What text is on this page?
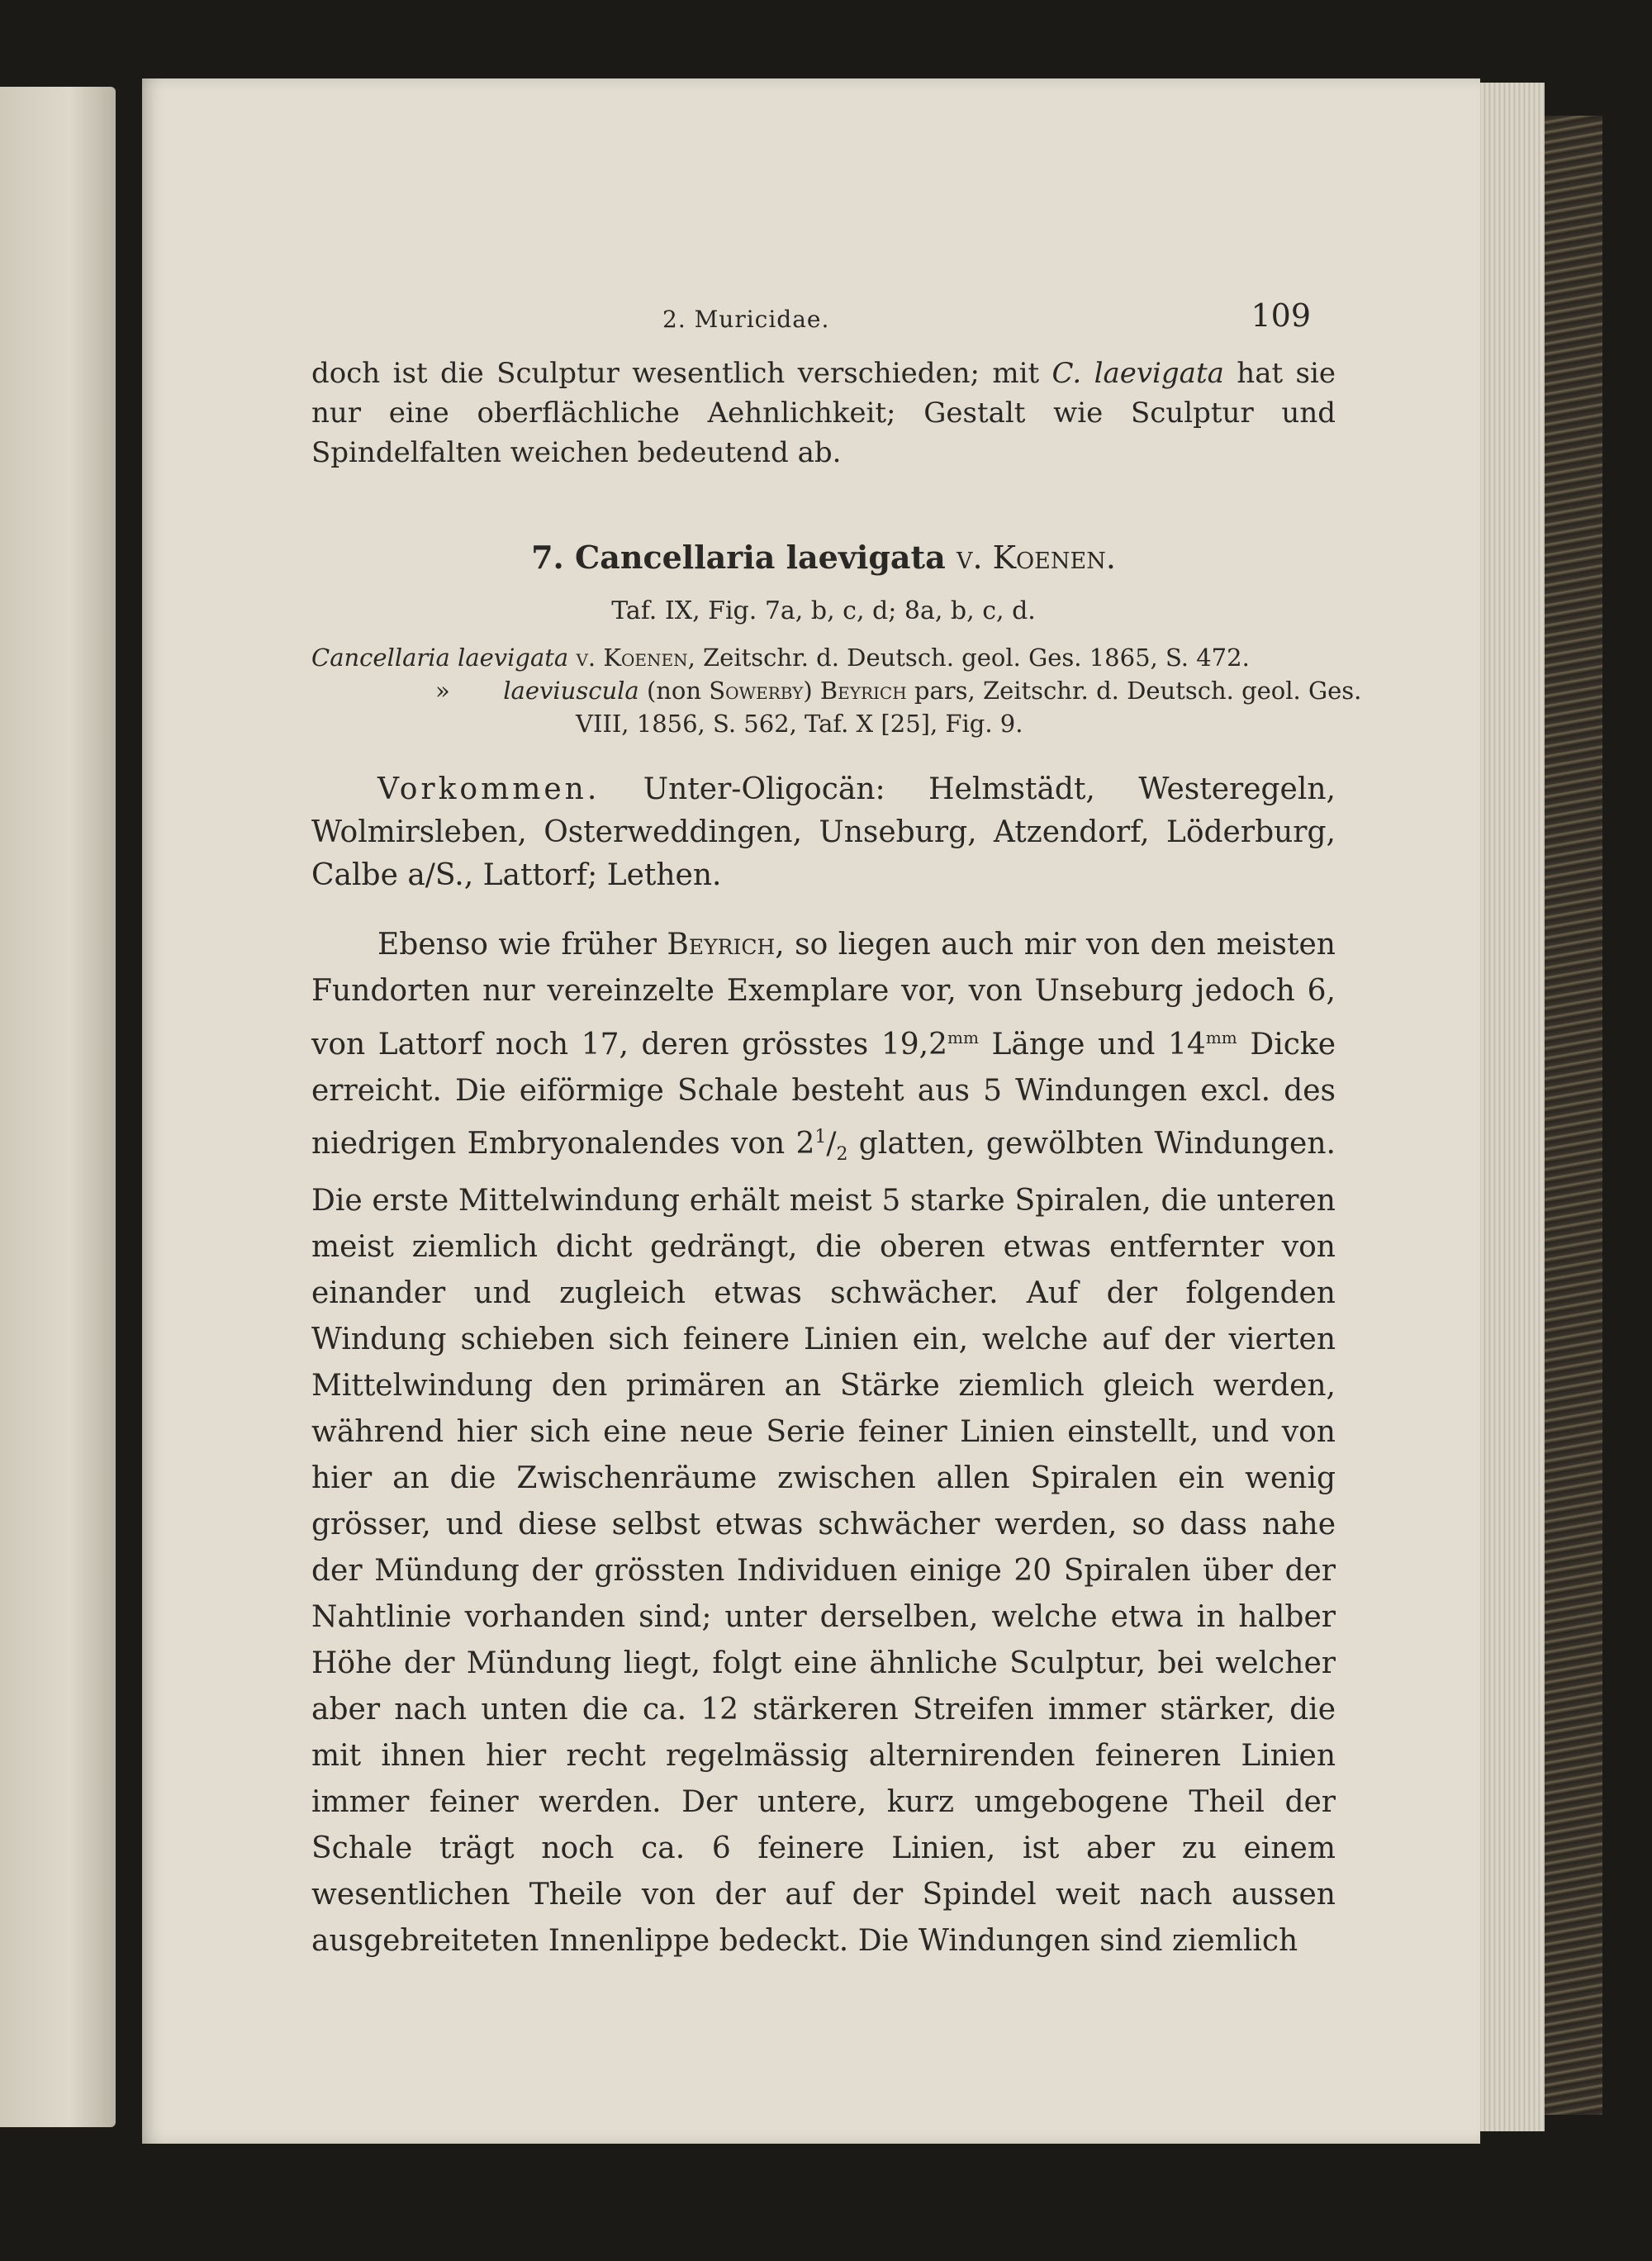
2. Muricidae.	109

doch ist die Sculptur wesentlich verschieden; mit C. laevigata hat sie nur eine oberflächliche Aehnlichkeit; Gestalt wie Sculptur und Spindelfalten weichen bedeutend ab.

7. Cancellaria laevigata v. Koenen.
Taf. IX, Fig. 7a, b, c, d; 8a, b, c, d.
Cancellaria laevigata v. Koenen, Zeitschr. d. Deutsch. geol. Ges. 1865, S. 472.
» laeviuscula (non Sowerby) Beyrich pars, Zeitschr. d. Deutsch. geol. Ges.
VIII, 1856, S. 562, Taf. X [25], Fig. 9.

Vorkommen. Unter-Oligocän: Helmstädt, Westeregeln, Wolmirsleben, Osterweddingen, Unseburg, Atzendorf, Löderburg, Calbe a/S., Lattorf; Lethen.

Ebenso wie früher Beyrich, so liegen auch mir von den meisten Fundorten nur vereinzelte Exemplare vor, von Unseburg jedoch 6, von Lattorf noch 17, deren grösstes $19,2^{mm}$ Länge und $14^{mm}$ Dicke erreicht. Die eiförmige Schale besteht aus 5 Windungen excl. des niedrigen Embryonalendes von $2^1/_2$ glatten, gewölbten Windungen. Die erste Mittelwindung erhält meist 5 starke Spiralen, die unteren meist ziemlich dicht gedrängt, die oberen etwas entfernter von einander und zugleich etwas schwächer. Auf der folgenden Windung schieben sich feinere Linien ein, welche auf der vierten Mittelwindung den primären an Stärke ziemlich gleich werden, während hier sich eine neue Serie feiner Linien einstellt, und von hier an die Zwischenräume zwischen allen Spiralen ein wenig grösser, und diese selbst etwas schwächer werden, so dass nahe der Mündung der grössten Individuen einige 20 Spiralen über der Nahtlinie vorhanden sind; unter derselben, welche etwa in halber Höhe der Mündung liegt, folgt eine ähnliche Sculptur, bei welcher aber nach unten die ca. 12 stärkeren Streifen immer stärker, die mit ihnen hier recht regelmässig alternirenden feineren Linien immer feiner werden. Der untere, kurz umgebogene Theil der Schale trägt noch ca. 6 feinere Linien, ist aber zu einem wesentlichen Theile von der auf der Spindel weit nach aussen ausgebreiteten Innenlippe bedeckt. Die Windungen sind ziemlich
